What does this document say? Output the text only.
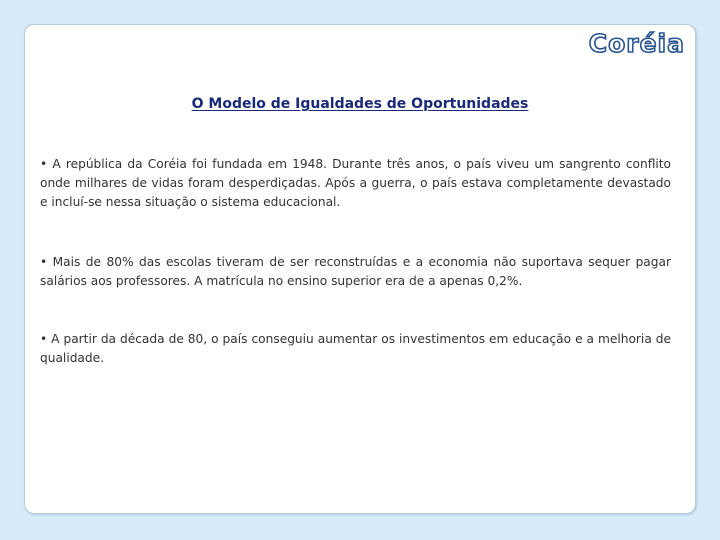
Coréia
O Modelo de Igualdades de Oportunidades
• A república da Coréia foi fundada em 1948. Durante três anos, o país viveu um sangrento conflito onde milhares de vidas foram desperdiçadas. Após a guerra, o país estava completamente devastado e incluí-se nessa situação o sistema educacional.
• Mais de 80% das escolas tiveram de ser reconstruídas e a economia não suportava sequer pagar salários aos professores. A matrícula no ensino superior era de a apenas 0,2%.
• A partir da década de 80, o país conseguiu aumentar os investimentos em educação e a melhoria de qualidade.
